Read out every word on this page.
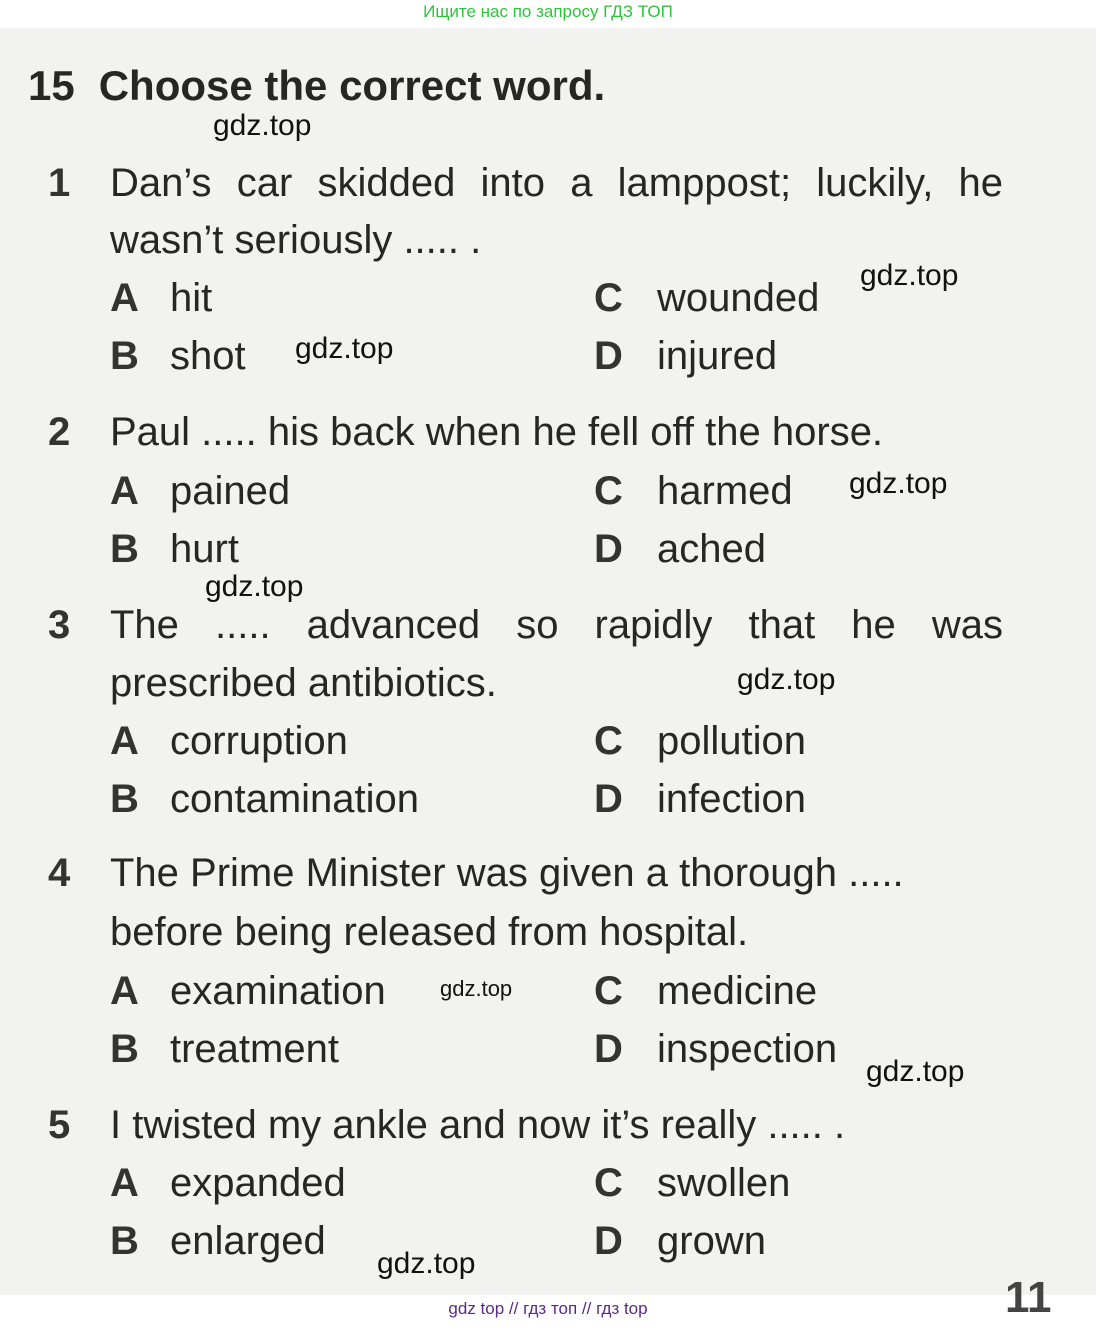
Ищите нас по запросу ГДЗ ТОП
15 Choose the correct word.
1 Dan’s car skidded into a lamppost; luckily, he
wasn’t seriously ..... .
A hit
B shot
C wounded
D injured
2 Paul ..... his back when he fell off the horse.
A pained
B hurt
C harmed
D ached
3 The ..... advanced so rapidly that he was
prescribed antibiotics.
A corruption
B contamination
C pollution
D infection
4 The Prime Minister was given a thorough .....
before being released from hospital.
A examination
B treatment
C medicine
D inspection
5 I twisted my ankle and now it’s really ..... .
A expanded
B enlarged
C swollen
D grown
gdz.top
gdz.top
gdz.top
gdz.top
gdz.top
gdz.top
gdz.top
gdz.top
gdz.top
11
gdz top // гдз топ // гдз top
